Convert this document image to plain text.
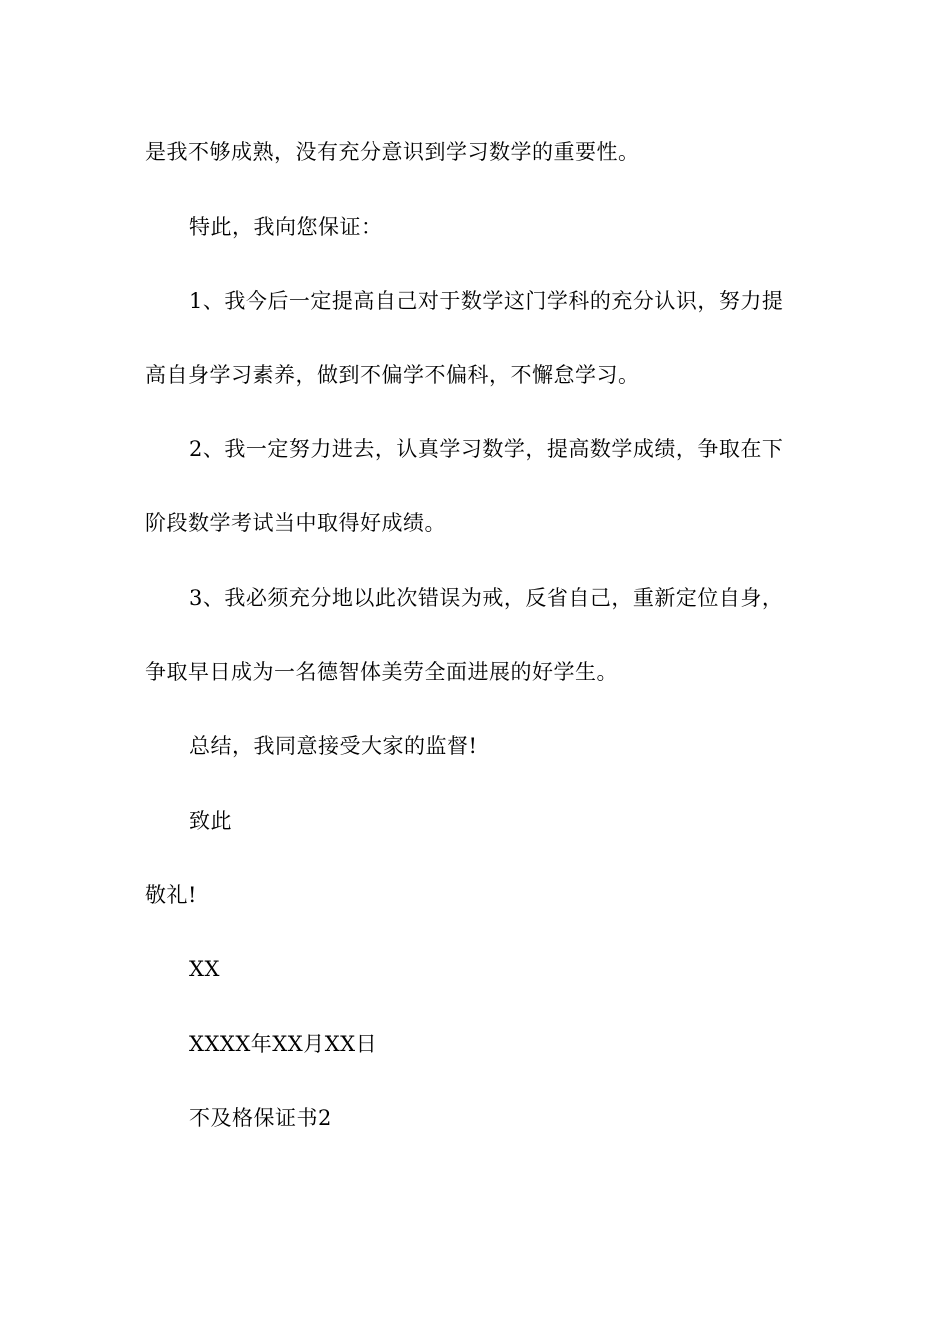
是我不够成熟，没有充分意识到学习数学的重要性。
特此，我向您保证：
1、我今后一定提高自己对于数学这门学科的充分认识，努力提
高自身学习素养，做到不偏学不偏科，不懈怠学习。
2、我一定努力进去，认真学习数学，提高数学成绩，争取在下
阶段数学考试当中取得好成绩。
3、我必须充分地以此次错误为戒，反省自己，重新定位自身，
争取早日成为一名德智体美劳全面进展的好学生。
总结，我同意接受大家的监督!
致此
敬礼!
XX
XXXX年XX月XX日
不及格保证书2
